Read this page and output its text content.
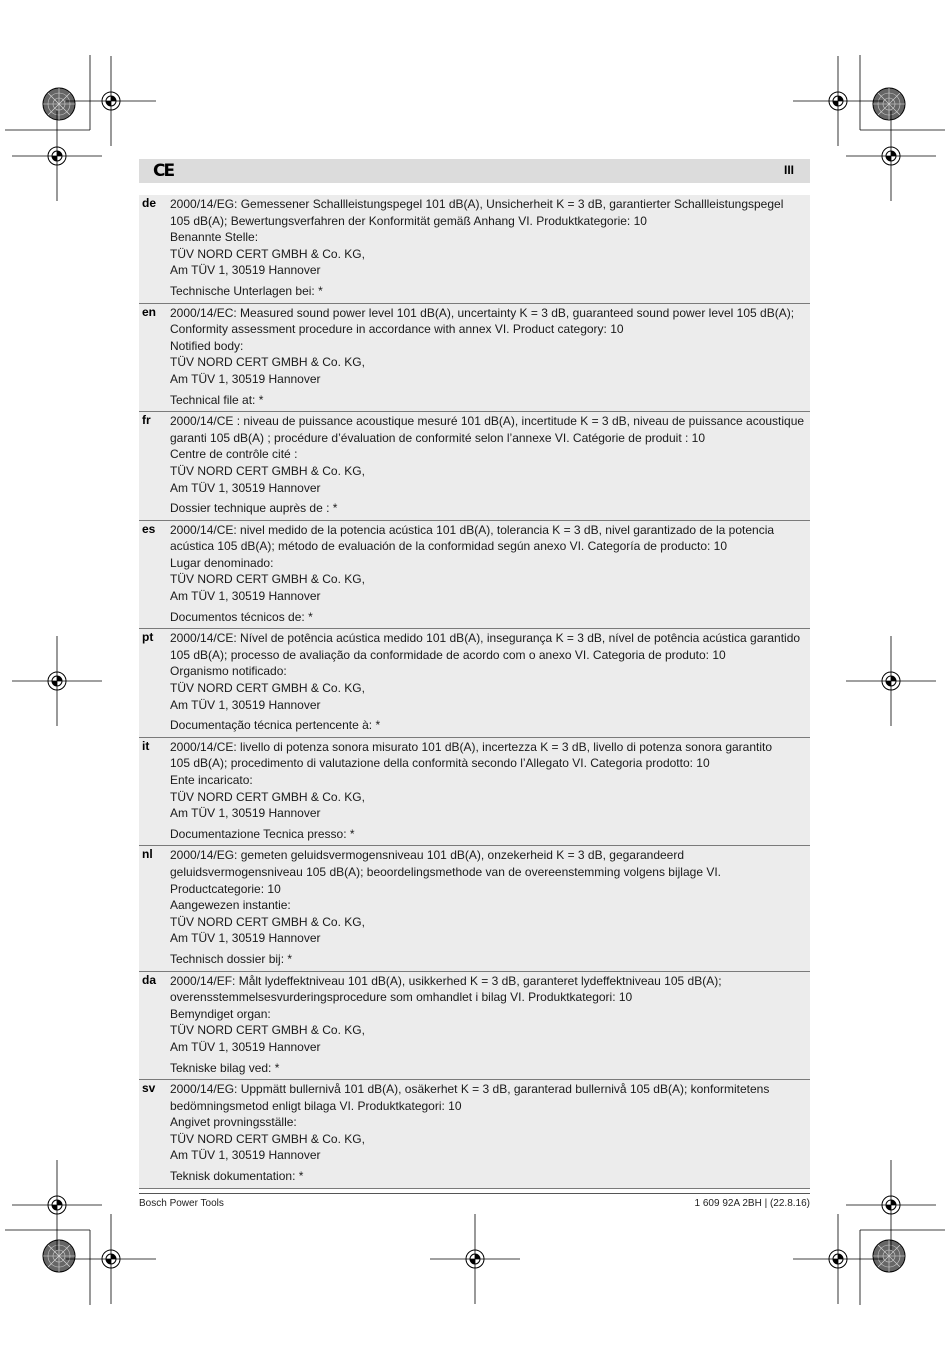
CE	III
de 2000/14/EG: Gemessener Schallleistungspegel 101 dB(A), Unsicherheit K = 3 dB, garantierter Schallleistungspegel
105 dB(A); Bewertungsverfahren der Konformität gemäß Anhang VI. Produktkategorie: 10
Benannte Stelle:
TÜV NORD CERT GMBH & Co. KG,
Am TÜV 1, 30519 Hannover
Technische Unterlagen bei: *
en 2000/14/EC: Measured sound power level 101 dB(A), uncertainty K = 3 dB, guaranteed sound power level 105 dB(A);
Conformity assessment procedure in accordance with annex VI. Product category: 10
Notified body:
TÜV NORD CERT GMBH & Co. KG,
Am TÜV 1, 30519 Hannover
Technical file at: *
fr 2000/14/CE : niveau de puissance acoustique mesuré 101 dB(A), incertitude K = 3 dB, niveau de puissance acoustique
garanti 105 dB(A) ; procédure d’évaluation de conformité selon l’annexe VI. Catégorie de produit : 10
Centre de contrôle cité :
TÜV NORD CERT GMBH & Co. KG,
Am TÜV 1, 30519 Hannover
Dossier technique auprès de : *
es 2000/14/CE: nivel medido de la potencia acústica 101 dB(A), tolerancia K = 3 dB, nivel garantizado de la potencia
acústica 105 dB(A); método de evaluación de la conformidad según anexo VI. Categoría de producto: 10
Lugar denominado:
TÜV NORD CERT GMBH & Co. KG,
Am TÜV 1, 30519 Hannover
Documentos técnicos de: *
pt 2000/14/CE: Nível de potência acústica medido 101 dB(A), insegurança K = 3 dB, nível de potência acústica garantido
105 dB(A); processo de avaliação da conformidade de acordo com o anexo VI. Categoria de produto: 10
Organismo notificado:
TÜV NORD CERT GMBH & Co. KG,
Am TÜV 1, 30519 Hannover
Documentação técnica pertencente à: *
it 2000/14/CE: livello di potenza sonora misurato 101 dB(A), incertezza K = 3 dB, livello di potenza sonora garantito
105 dB(A); procedimento di valutazione della conformità secondo l’Allegato VI. Categoria prodotto: 10
Ente incaricato:
TÜV NORD CERT GMBH & Co. KG,
Am TÜV 1, 30519 Hannover
Documentazione Tecnica presso: *
nl 2000/14/EG: gemeten geluidsvermogensniveau 101 dB(A), onzekerheid K = 3 dB, gegarandeerd
geluidsvermogensniveau 105 dB(A); beoordelingsmethode van de overeenstemming volgens bijlage VI.
Productcategorie: 10
Aangewezen instantie:
TÜV NORD CERT GMBH & Co. KG,
Am TÜV 1, 30519 Hannover
Technisch dossier bij: *
da 2000/14/EF: Målt lydeffektniveau 101 dB(A), usikkerhed K = 3 dB, garanteret lydeffektniveau 105 dB(A);
overensstemmelsesvurderingsprocedure som omhandlet i bilag VI. Produktkategori: 10
Bemyndiget organ:
TÜV NORD CERT GMBH & Co. KG,
Am TÜV 1, 30519 Hannover
Tekniske bilag ved: *
sv 2000/14/EG: Uppmätt bullernivå 101 dB(A), osäkerhet K = 3 dB, garanterad bullernivå 105 dB(A); konformitetens
bedömningsmetod enligt bilaga VI. Produktkategori: 10
Angivet provningsställe:
TÜV NORD CERT GMBH & Co. KG,
Am TÜV 1, 30519 Hannover
Teknisk dokumentation: *
Bosch Power Tools	1 609 92A 2BH | (22.8.16)
